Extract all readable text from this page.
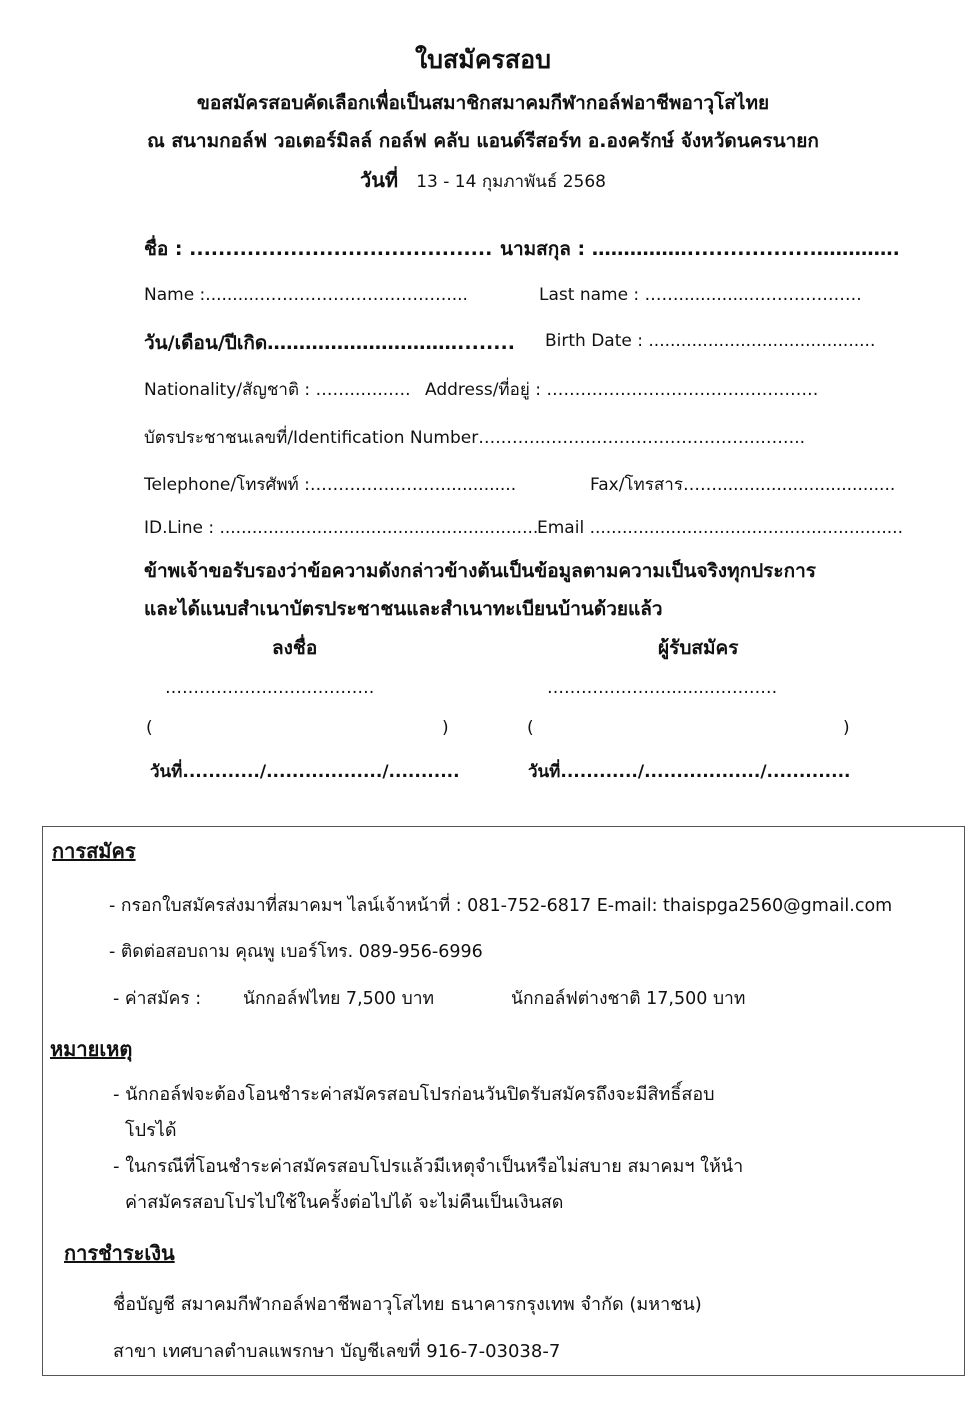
ใบสมัครสอบ
ขอสมัครสอบคัดเลือกเพื่อเป็นสมาชิกสมาคมกีฬากอล์ฟอาชีพอาวุโสไทย
ณ สนามกอล์ฟ วอเตอร์มิลล์ กอล์ฟ คลับ แอนด์รีสอร์ท อ.องครักษ์ จังหวัดนครนายก
วันที่ 13 - 14 กุมภาพันธ์ 2568
ชื่อ : .......................................... นามสกุล : ……………..................………….
Name :..........……………………………....	Last name : ……..............……………….
วัน/เดือน/ปีเกิด…………………………........ Birth Date : ..........................................
Nationality/สัญชาติ : ……..…..…. Address/ที่อยู่ : …………………………………………
บัตรประชาชนเลขที่/Identification Number….……..……….……………………….……..
Telephone/โทรศัพท์ :…………………….............	Fax/โทรสาร…….................................
ID.Line : ...........................................................
Email ..........................................................
ข้าพเจ้าขอรับรองว่าข้อความดังกล่าวข้างต้นเป็นข้อมูลตามความเป็นจริงทุกประการ
และได้แนบสำเนาบัตรประชาชนและสำเนาทะเบียนบ้านด้วยแล้ว
ลงชื่อ	ผู้รับสมัคร
……………….………………	…………………........…………
(	)	(	)
วันที่............/................../...........	วันที่............/................../.............
การสมัคร
- กรอกใบสมัครส่งมาที่สมาคมฯ ไลน์เจ้าหน้าที่ : 081-752-6817 E-mail: thaispga2560@gmail.com
- ติดต่อสอบถาม คุณพู เบอร์โทร. 089-956-6996
- ค่าสมัคร : นักกอล์ฟไทย 7,500 บาท	นักกอล์ฟต่างชาติ 17,500 บาท
หมายเหตุ
- นักกอล์ฟจะต้องโอนชำระค่าสมัครสอบโปรก่อนวันปิดรับสมัครถึงจะมีสิทธิ์สอบ
โปรได้
- ในกรณีที่โอนชำระค่าสมัครสอบโปรแล้วมีเหตุจำเป็นหรือไม่สบาย สมาคมฯ ให้นำ
ค่าสมัครสอบโปรไปใช้ในครั้งต่อไปได้ จะไม่คืนเป็นเงินสด
การชำระเงิน
ชื่อบัญชี สมาคมกีฬากอล์ฟอาชีพอาวุโสไทย ธนาคารกรุงเทพ จำกัด (มหาชน)
สาขา เทศบาลตำบลแพรกษา บัญชีเลขที่ 916-7-03038-7
